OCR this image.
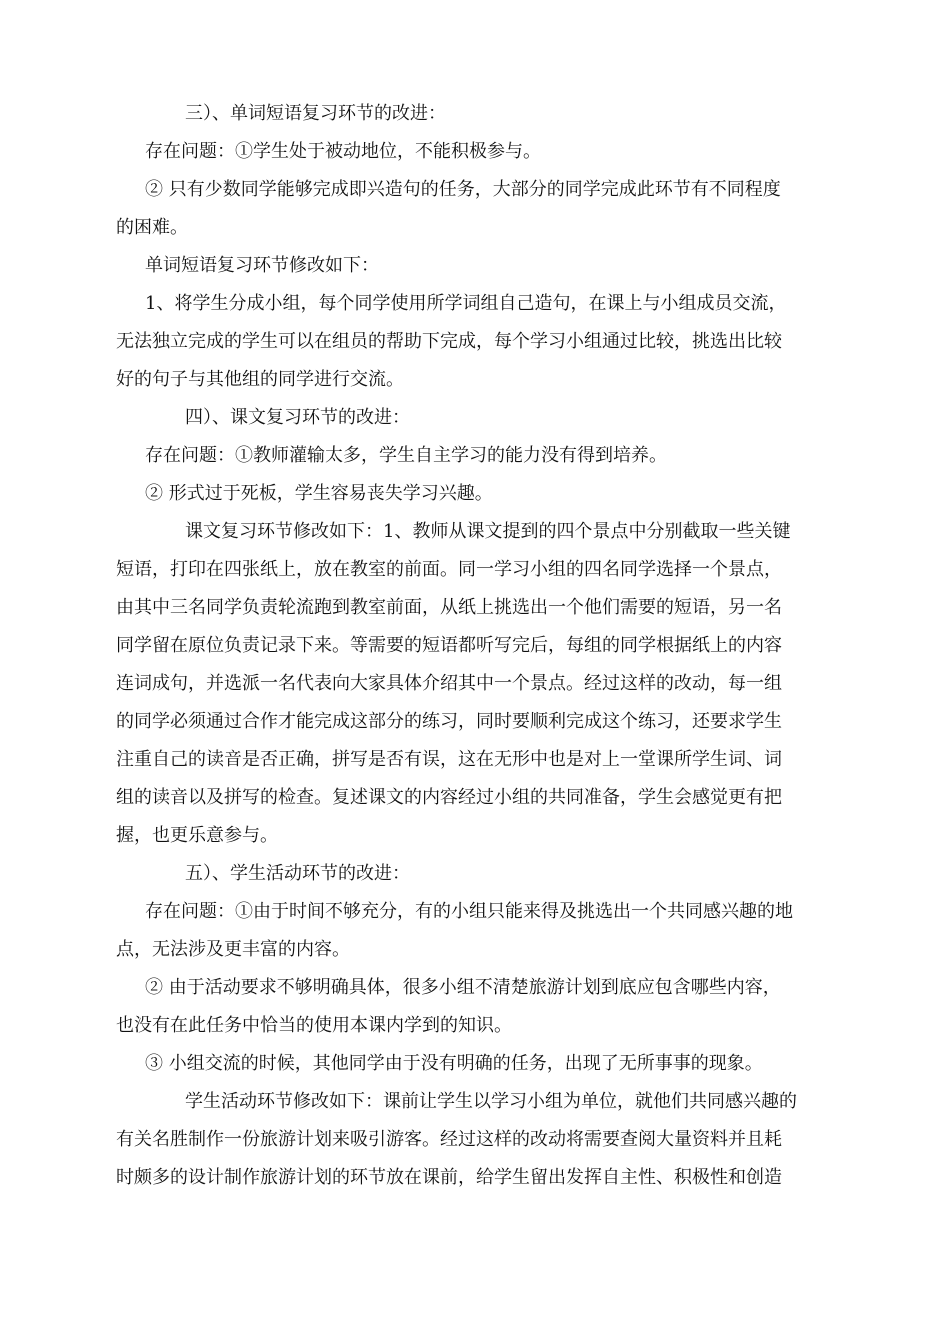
三）、单词短语复习环节的改进：
存在问题：①学生处于被动地位，不能积极参与。
② 只有少数同学能够完成即兴造句的任务，大部分的同学完成此环节有不同程度
的困难。
单词短语复习环节修改如下：
1、将学生分成小组，每个同学使用所学词组自己造句，在课上与小组成员交流，
无法独立完成的学生可以在组员的帮助下完成，每个学习小组通过比较，挑选出比较
好的句子与其他组的同学进行交流。
四）、课文复习环节的改进：
存在问题：①教师灌输太多，学生自主学习的能力没有得到培养。
② 形式过于死板，学生容易丧失学习兴趣。
课文复习环节修改如下：1、教师从课文提到的四个景点中分别截取一些关键
短语，打印在四张纸上，放在教室的前面。同一学习小组的四名同学选择一个景点，
由其中三名同学负责轮流跑到教室前面，从纸上挑选出一个他们需要的短语，另一名
同学留在原位负责记录下来。等需要的短语都听写完后，每组的同学根据纸上的内容
连词成句，并选派一名代表向大家具体介绍其中一个景点。经过这样的改动，每一组
的同学必须通过合作才能完成这部分的练习，同时要顺利完成这个练习，还要求学生
注重自己的读音是否正确，拼写是否有误，这在无形中也是对上一堂课所学生词、词
组的读音以及拼写的检查。复述课文的内容经过小组的共同准备，学生会感觉更有把
握，也更乐意参与。
五）、学生活动环节的改进：
存在问题：①由于时间不够充分，有的小组只能来得及挑选出一个共同感兴趣的地
点，无法涉及更丰富的内容。
② 由于活动要求不够明确具体，很多小组不清楚旅游计划到底应包含哪些内容，
也没有在此任务中恰当的使用本课内学到的知识。
③ 小组交流的时候，其他同学由于没有明确的任务，出现了无所事事的现象。
学生活动环节修改如下：课前让学生以学习小组为单位，就他们共同感兴趣的
有关名胜制作一份旅游计划来吸引游客。经过这样的改动将需要查阅大量资料并且耗
时颇多的设计制作旅游计划的环节放在课前，给学生留出发挥自主性、积极性和创造
